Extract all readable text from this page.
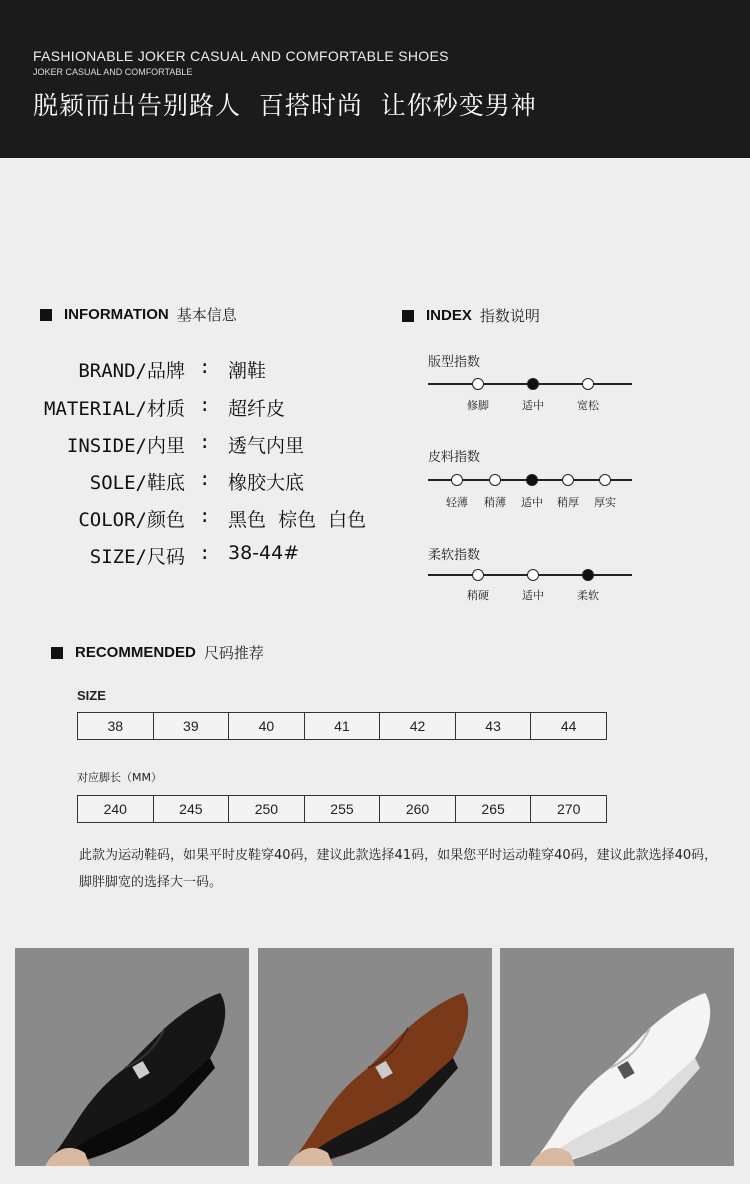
FASHIONABLE JOKER CASUAL AND COMFORTABLE SHOES
JOKER CASUAL AND COMFORTABLE
脱颖而出告别路人  百搭时尚  让你秒变男神
INFORMATION 基本信息
BRAND/品牌 : 潮鞋
MATERIAL/材质 : 超纤皮
INSIDE/内里 : 透气内里
SOLE/鞋底 : 橡胶大底
COLOR/颜色 : 黑色  棕色  白色
SIZE/尺码 : 38-44#
INDEX 指数说明
版型指数
修脚	适中	宽松
皮料指数
轻薄	稍薄	适中	稍厚	厚实
柔软指数
稍硬	适中	柔软
RECOMMENDED 尺码推荐
SIZE
38	39	40	41	42	43	44
对应脚长（MM）
240	245	250	255	260	265	270
此款为运动鞋码，如果平时皮鞋穿40码，建议此款选择41码，如果您平时运动鞋穿40码，建议此款选择40码，脚胖脚宽的选择大一码。
